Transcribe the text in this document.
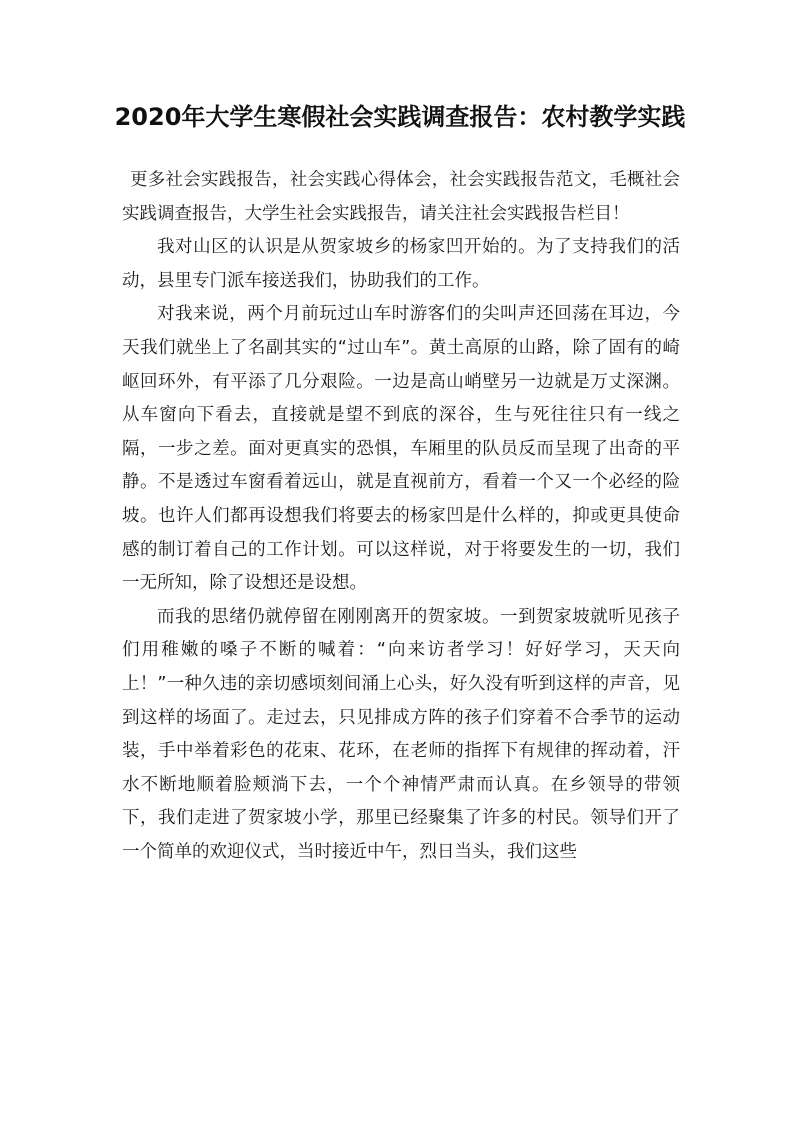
2020年大学生寒假社会实践调查报告：农村教学实践

更多社会实践报告，社会实践心得体会，社会实践报告范文，毛概社会实践调查报告，大学生社会实践报告，请关注社会实践报告栏目！

我对山区的认识是从贺家坡乡的杨家凹开始的。为了支持我们的活动，县里专门派车接送我们，协助我们的工作。

对我来说，两个月前玩过山车时游客们的尖叫声还回荡在耳边，今天我们就坐上了名副其实的“过山车”。黄土高原的山路，除了固有的崎岖回环外，有平添了几分艰险。一边是高山峭壁另一边就是万丈深渊。从车窗向下看去，直接就是望不到底的深谷，生与死往往只有一线之隔，一步之差。面对更真实的恐惧，车厢里的队员反而呈现了出奇的平静。不是透过车窗看着远山，就是直视前方，看着一个又一个必经的险坡。也许人们都再设想我们将要去的杨家凹是什么样的，抑或更具使命感的制订着自己的工作计划。可以这样说，对于将要发生的一切，我们一无所知，除了设想还是设想。

而我的思绪仍就停留在刚刚离开的贺家坡。一到贺家坡就听见孩子们用稚嫩的嗓子不断的喊着：“向来访者学习！好好学习，天天向上！”一种久违的亲切感顷刻间涌上心头，好久没有听到这样的声音，见到这样的场面了。走过去，只见排成方阵的孩子们穿着不合季节的运动装，手中举着彩色的花束、花环，在老师的指挥下有规律的挥动着，汗水不断地顺着脸颊淌下去，一个个神情严肃而认真。在乡领导的带领下，我们走进了贺家坡小学，那里已经聚集了许多的村民。领导们开了一个简单的欢迎仪式，当时接近中午，烈日当头，我们这些
